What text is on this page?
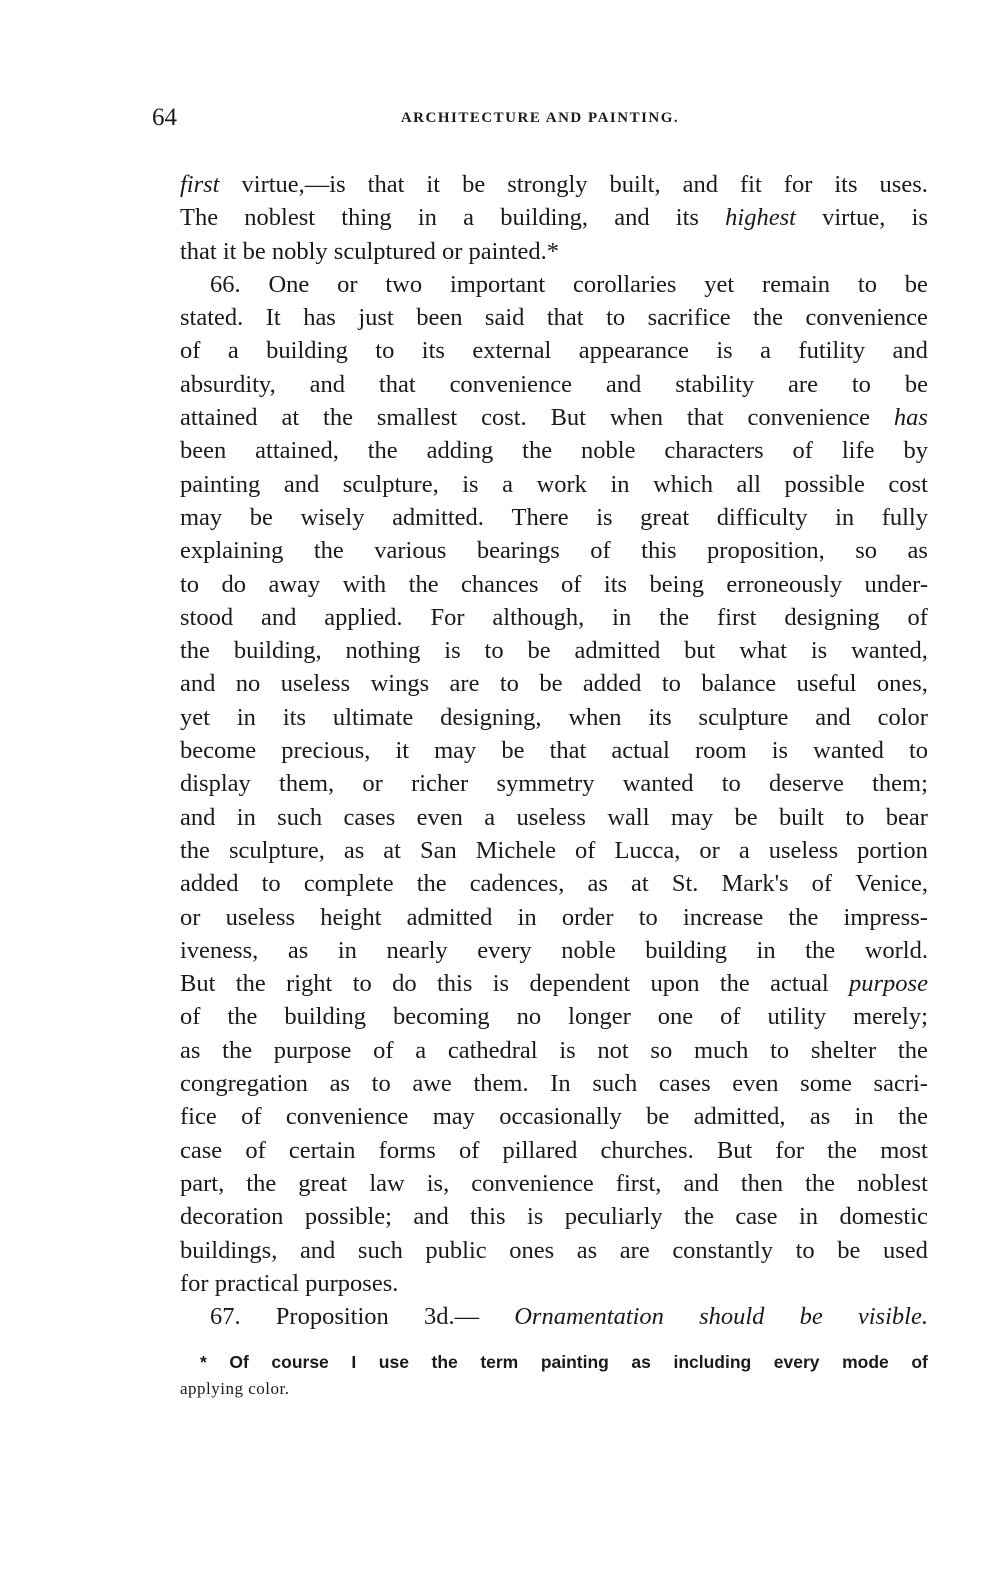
64	ARCHITECTURE AND PAINTING.
first virtue,—is that it be strongly built, and fit for its uses.
The noblest thing in a building, and its highest virtue, is
that it be nobly sculptured or painted.*
66. One or two important corollaries yet remain to be
stated. It has just been said that to sacrifice the convenience
of a building to its external appearance is a futility and
absurdity, and that convenience and stability are to be
attained at the smallest cost. But when that convenience has
been attained, the adding the noble characters of life by
painting and sculpture, is a work in which all possible cost
may be wisely admitted. There is great difficulty in fully
explaining the various bearings of this proposition, so as
to do away with the chances of its being erroneously under-
stood and applied. For although, in the first designing of
the building, nothing is to be admitted but what is wanted,
and no useless wings are to be added to balance useful ones,
yet in its ultimate designing, when its sculpture and color
become precious, it may be that actual room is wanted to
display them, or richer symmetry wanted to deserve them;
and in such cases even a useless wall may be built to bear
the sculpture, as at San Michele of Lucca, or a useless portion
added to complete the cadences, as at St. Mark's of Venice,
or useless height admitted in order to increase the impress-
iveness, as in nearly every noble building in the world.
But the right to do this is dependent upon the actual purpose
of the building becoming no longer one of utility merely;
as the purpose of a cathedral is not so much to shelter the
congregation as to awe them. In such cases even some sacri-
fice of convenience may occasionally be admitted, as in the
case of certain forms of pillared churches. But for the most
part, the great law is, convenience first, and then the noblest
decoration possible; and this is peculiarly the case in domestic
buildings, and such public ones as are constantly to be used
for practical purposes.
67. Proposition 3d.— Ornamentation should be visible.
* Of course I use the term painting as including every mode of
applying color.
